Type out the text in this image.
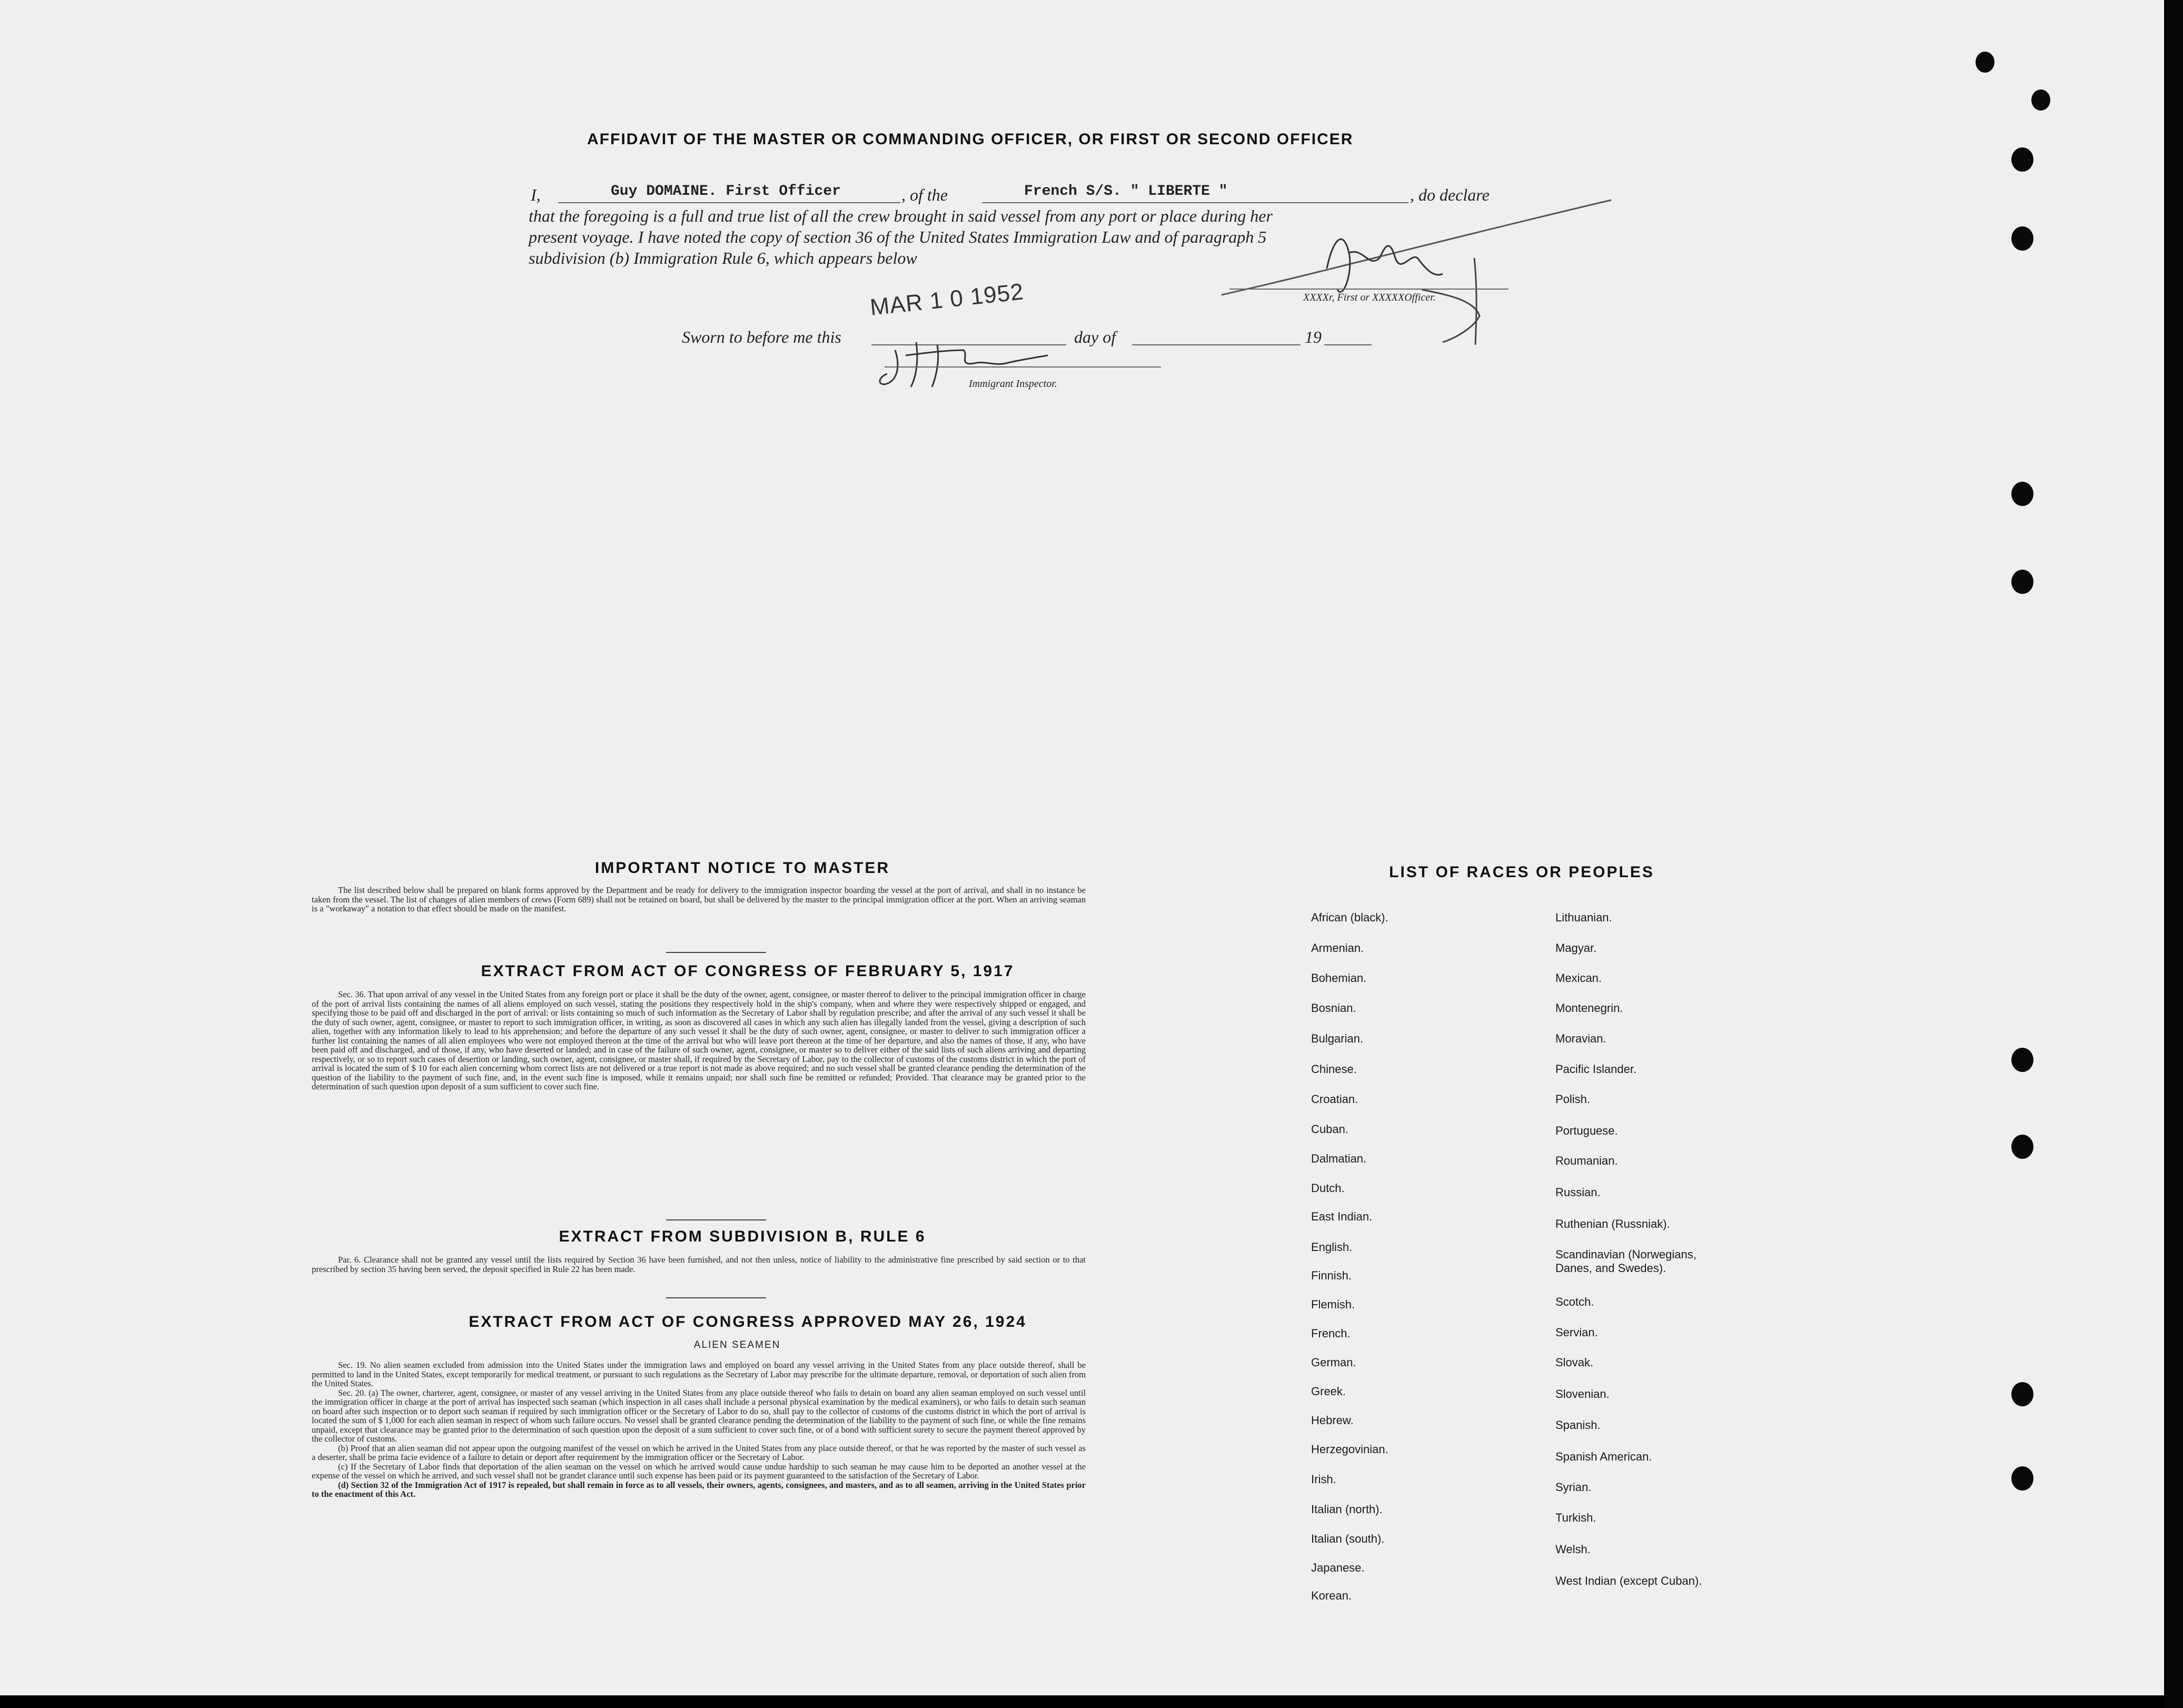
AFFIDAVIT OF THE MASTER OR COMMANDING OFFICER, OR FIRST OR SECOND OFFICER
I,	Guy DOMAINE. First Officer	, of the	French S/S. " LIBERTE "	, do declare
that the foregoing is a full and true list of all the crew brought in said vessel from any port or place during her
present voyage. I have noted the copy of section 36 of the United States Immigration Law and of paragraph 5
subdivision (b) Immigration Rule 6, which appears below
XXXXr, First or XXXXXOfficer.
Sworn to before me this	day of	19
MAR 1 0 1952
Immigrant Inspector.
IMPORTANT NOTICE TO MASTER

The list described below shall be prepared on blank forms approved by the Department and be ready for delivery to the immigration inspector boarding the vessel at the port of arrival, and shall in no instance be taken from the vessel. The list of changes of alien members of crews (Form 689) shall not be retained on board, but shall be delivered by the master to the principal immigration officer at the port. When an arriving seaman is a "workaway" a notation to that effect should be made on the manifest.

EXTRACT FROM ACT OF CONGRESS OF FEBRUARY 5, 1917

Sec. 36. That upon arrival of any vessel in the United States from any foreign port or place it shall be the duty of the owner, agent, consignee, or master thereof to deliver to the principal immigration officer in charge of the port of arrival lists containing the names of all aliens employed on such vessel, stating the positions they respectively hold in the ship's company, when and where they were respectively shipped or engaged, and specifying those to be paid off and discharged in the port of arrival: or lists containing so much of such information as the Secretary of Labor shall by regulation prescribe; and after the arrival of any such vessel it shall be the duty of such owner, agent, consignee, or master to report to such immigration officer, in writing, as soon as discovered all cases in which any such alien has illegally landed from the vessel, giving a description of such alien, together with any information likely to lead to his apprehension; and before the departure of any such vessel it shall be the duty of such owner, agent, consignee, or master to deliver to such immigration officer a further list containing the names of all alien employees who were not employed thereon at the time of the arrival but who will leave port thereon at the time of her departure, and also the names of those, if any, who have been paid off and discharged, and of those, if any, who have deserted or landed; and in case of the failure of such owner, agent, consignee, or master so to deliver either of the said lists of such aliens arriving and departing respectively, or so to report such cases of desertion or landing, such owner, agent, consignee, or master shall, if required by the Secretary of Labor, pay to the collector of customs of the customs district in which the port of arrival is located the sum of $ 10 for each alien concerning whom correct lists are not delivered or a true report is not made as above required; and no such vessel shall be granted clearance pending the determination of the question of the liability to the payment of such fine, and, in the event such fine is imposed, while it remains unpaid; nor shall such fine be remitted or refunded; Provided. That clearance may be granted prior to the determination of such question upon deposit of a sum sufficient to cover such fine.

EXTRACT FROM SUBDIVISION B, RULE 6

Par. 6. Clearance shall not be granted any vessel until the lists required by Section 36 have been furnished, and not then unless, notice of liability to the administrative fine prescribed by said section or to that prescribed by section 35 having been served, the deposit specified in Rule 22 has been made.

EXTRACT FROM ACT OF CONGRESS APPROVED MAY 26, 1924
ALIEN SEAMEN

Sec. 19. No alien seamen excluded from admission into the United States under the immigration laws and employed on board any vessel arriving in the United States from any place outside thereof, shall be permitted to land in the United States, except temporarily for medical treatment, or pursuant to such regulations as the Secretary of Labor may prescribe for the ultimate departure, removal, or deportation of such alien from the United States.

Sec. 20. (a) The owner, charterer, agent, consignee, or master of any vessel arriving in the United States from any place outside thereof who fails to detain on board any alien seaman employed on such vessel until the immigration officer in charge at the port of arrival has inspected such seaman (which inspection in all cases shall include a personal physical examination by the medical examiners), or who fails to detain such seaman on board after such inspection or to deport such seaman if required by such immigration officer or the Secretary of Labor to do so, shall pay to the collector of customs of the customs district in which the port of arrival is located the sum of $ 1,000 for each alien seaman in respect of whom such failure occurs. No vessel shall be granted clearance pending the determination of the liability to the payment of such fine, or while the fine remains unpaid, except that clearance may be granted prior to the determination of such question upon the deposit of a sum sufficient to cover such fine, or of a bond with sufficient surety to secure the payment thereof approved by the collector of customs.

(b) Proof that an alien seaman did not appear upon the outgoing manifest of the vessel on which he arrived in the United States from any place outside thereof, or that he was reported by the master of such vessel as a deserter, shall be prima facie evidence of a failure to detain or deport after requirement by the immigration officer or the Secretary of Labor.

(c) If the Secretary of Labor finds that deportation of the alien seaman on the vessel on which he arrived would cause undue hardship to such seaman he may cause him to be deported an another vessel at the expense of the vessel on which he arrived, and such vessel shall not be grandet clarance until such expense has been paid or its payment guaranteed to the satisfaction of the Secretary of Labor.

(d) Section 32 of the Immigration Act of 1917 is repealed, but shall remain in force as to all vessels, their owners, agents, consignees, and masters, and as to all seamen, arriving in the United States prior to the enactment of this Act.

LIST OF RACES OR PEOPLES
African (black).
Armenian.
Bohemian.
Bosnian.
Bulgarian.
Chinese.
Croatian.
Cuban.
Dalmatian.
Dutch.
East Indian.
English.
Finnish.
Flemish.
French.
German.
Greek.
Hebrew.
Herzegovinian.
Irish.
Italian (north).
Italian (south).
Japanese.
Korean.
Lithuanian.
Magyar.
Mexican.
Montenegrin.
Moravian.
Pacific Islander.
Polish.
Portuguese.
Roumanian.
Russian.
Ruthenian (Russniak).
Scandinavian (Norwegians, Danes, and Swedes).
Scotch.
Servian.
Slovak.
Slovenian.
Spanish.
Spanish American.
Syrian.
Turkish.
Welsh.
West Indian (except Cuban).
